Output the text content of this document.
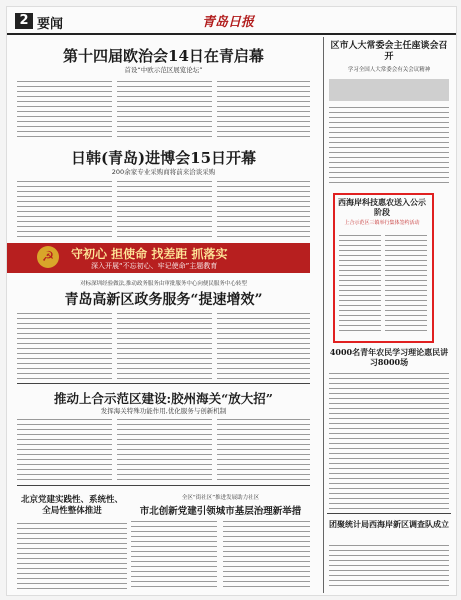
2 要闻	青岛日报
第十四届欧治会14日在青启幕
首设“中欧示范区展览论坛”
日韩(青岛)进博会15日开幕
200余家专业采购商将前来洽谈采购
☭	守初心 担使命 找差距 抓落实
深入开展“不忘初心、牢记使命”主题教育
对标深圳经验做法,推动政务服务由审批服务中心向便民服务中心转型
青岛高新区政务服务“提速增效”
推动上合示范区建设:胶州海关“放大招”
发挥海关特殊功能作用,优化服务与创新机制
北京党建实践性、系统性、全局性整体推进
全区“街社区”推进发展助力社区
市北创新党建引领城市基层治理新举措
区市人大常委会主任座谈会召开
学习全国人大常委会有关会议精神
西海岸科技惠农送入公示阶段
上合示范区三镇举行集体签约活动
4000名青年农民学习理论惠民讲习8000场
团聚统计局西海岸新区调查队成立
